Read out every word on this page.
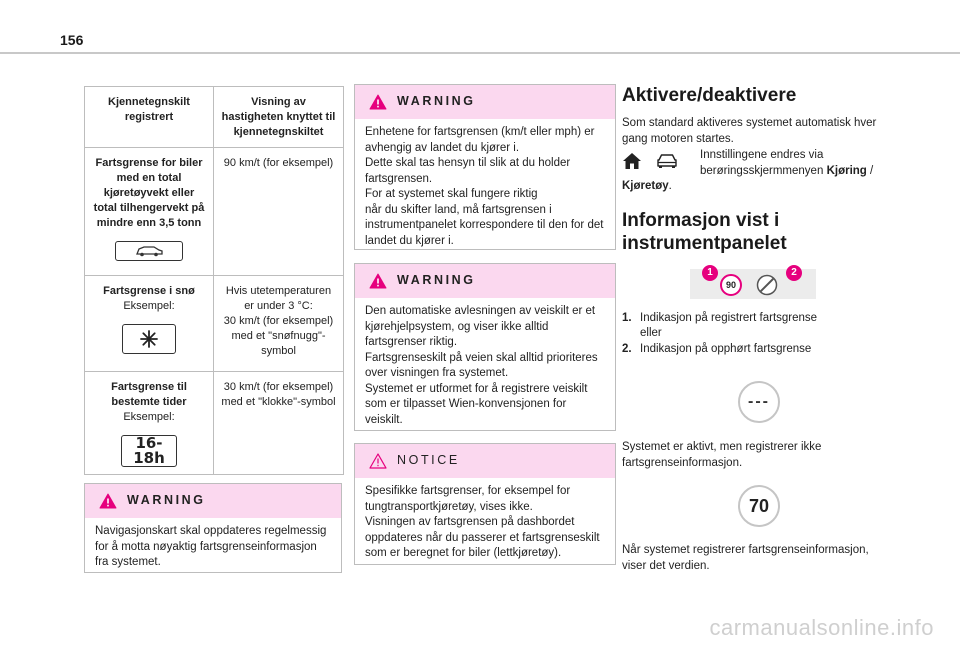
156
Kjennetegnskilt registrert
Visning av hastigheten knyttet til kjennetegnskiltet
Fartsgrense for biler med en total kjøretøyvekt eller total tilhengervekt på mindre enn 3,5 tonn
90 km/t (for eksempel)
Fartsgrense i snø
Eksempel:
Hvis utetemperaturen er under 3 °C:
30 km/t (for eksempel)
med et "snøfnugg"-symbol
Fartsgrense til bestemte tider
Eksempel:
16-18h
30 km/t (for eksempel)
med et "klokke"-symbol
WARNING
Navigasjonskart skal oppdateres regelmessig for å motta nøyaktig fartsgrenseinformasjon fra systemet.
WARNING
Enhetene for fartsgrensen (km/t eller mph) er avhengig av landet du kjører i.
Dette skal tas hensyn til slik at du holder fartsgrensen.
For at systemet skal fungere riktig
når du skifter land, må fartsgrensen i instrumentpanelet korrespondere til den for det landet du kjører i.
WARNING
Den automatiske avlesningen av veiskilt er et kjørehjelpsystem, og viser ikke alltid fartsgrenser riktig.
Fartsgrenseskilt på veien skal alltid prioriteres over visningen fra systemet.
Systemet er utformet for å registrere veiskilt som er tilpasset Wien-konvensjonen for veiskilt.
NOTICE
Spesifikke fartsgrenser, for eksempel for tungtransportkjøretøy, vises ikke.
Visningen av fartsgrensen på dashbordet oppdateres når du passerer et fartsgrenseskilt som er beregnet for biler (lettkjøretøy).
Aktivere/deaktivere

Som standard aktiveres systemet automatisk hver gang motoren startes.

Innstillingene endres via berøringsskjermmenyen Kjøring /

Kjøretøy.

Informasjon vist i instrumentpanelet
1
90
2
1. Indikasjon på registrert fartsgrense eller
2. Indikasjon på opphørt fartsgrense
---

Systemet er aktivt, men registrerer ikke fartsgrenseinformasjon.

70

Når systemet registrerer fartsgrenseinformasjon, viser det verdien.

carmanualsonline.info
